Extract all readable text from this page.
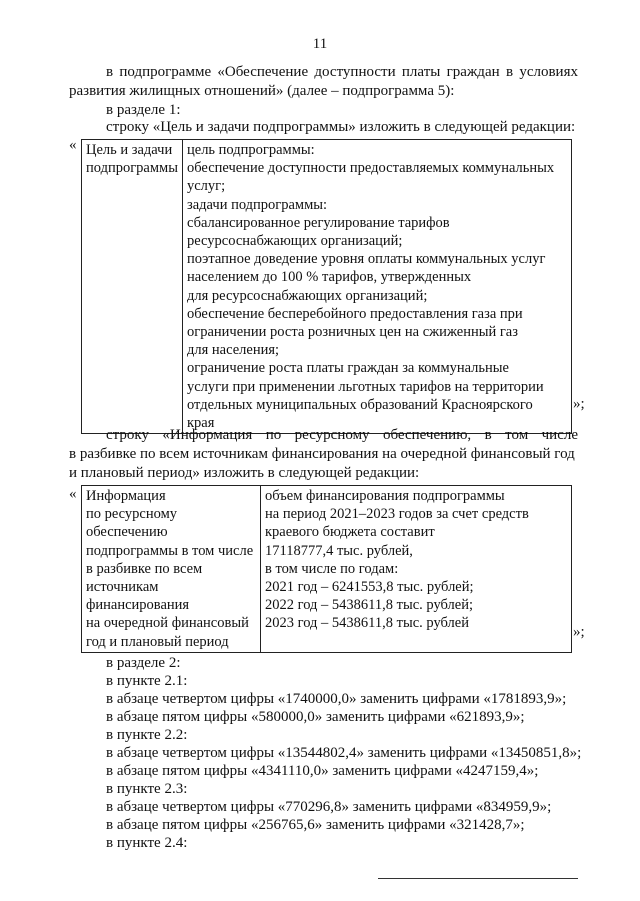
11
в подпрограмме «Обеспечение доступности платы граждан в условиях
развития жилищных отношений» (далее – подпрограмма 5):
в разделе 1:
строку «Цель и задачи подпрограммы» изложить в следующей редакции:
« Цель и задачи
подпрограммы

цель подпрограммы:
обеспечение доступности предоставляемых коммунальных
услуг;
задачи подпрограммы:
сбалансированное регулирование тарифов
ресурсоснабжающих организаций;
поэтапное доведение уровня оплаты коммунальных услуг
населением до 100 % тарифов, утвержденных
для ресурсоснабжающих организаций;
обеспечение бесперебойного предоставления газа при
ограничении роста розничных цен на сжиженный газ
для населения;
ограничение роста платы граждан за коммунальные
услуги при применении льготных тарифов на территории
отдельных муниципальных образований Красноярского
края
»;
строку «Информация по ресурсному обеспечению, в том числе
в разбивке по всем источникам финансирования на очередной финансовый год
и плановый период» изложить в следующей редакции:
« Информация
по ресурсному
обеспечению
подпрограммы в том числе
в разбивке по всем
источникам
финансирования
на очередной финансовый
год и плановый период

объем финансирования подпрограммы
на период 2021–2023 годов за счет средств
краевого бюджета составит
17118777,4 тыс. рублей,
в том числе по годам:
2021 год – 6241553,8 тыс. рублей;
2022 год – 5438611,8 тыс. рублей;
2023 год – 5438611,8 тыс. рублей
»;
в разделе 2:
в пункте 2.1:
в абзаце четвертом цифры «1740000,0» заменить цифрами «1781893,9»;
в абзаце пятом цифры «580000,0» заменить цифрами «621893,9»;
в пункте 2.2:
в абзаце четвертом цифры «13544802,4» заменить цифрами «13450851,8»;
в абзаце пятом цифры «4341110,0» заменить цифрами «4247159,4»;
в пункте 2.3:
в абзаце четвертом цифры «770296,8» заменить цифрами «834959,9»;
в абзаце пятом цифры «256765,6» заменить цифрами «321428,7»;
в пункте 2.4:
